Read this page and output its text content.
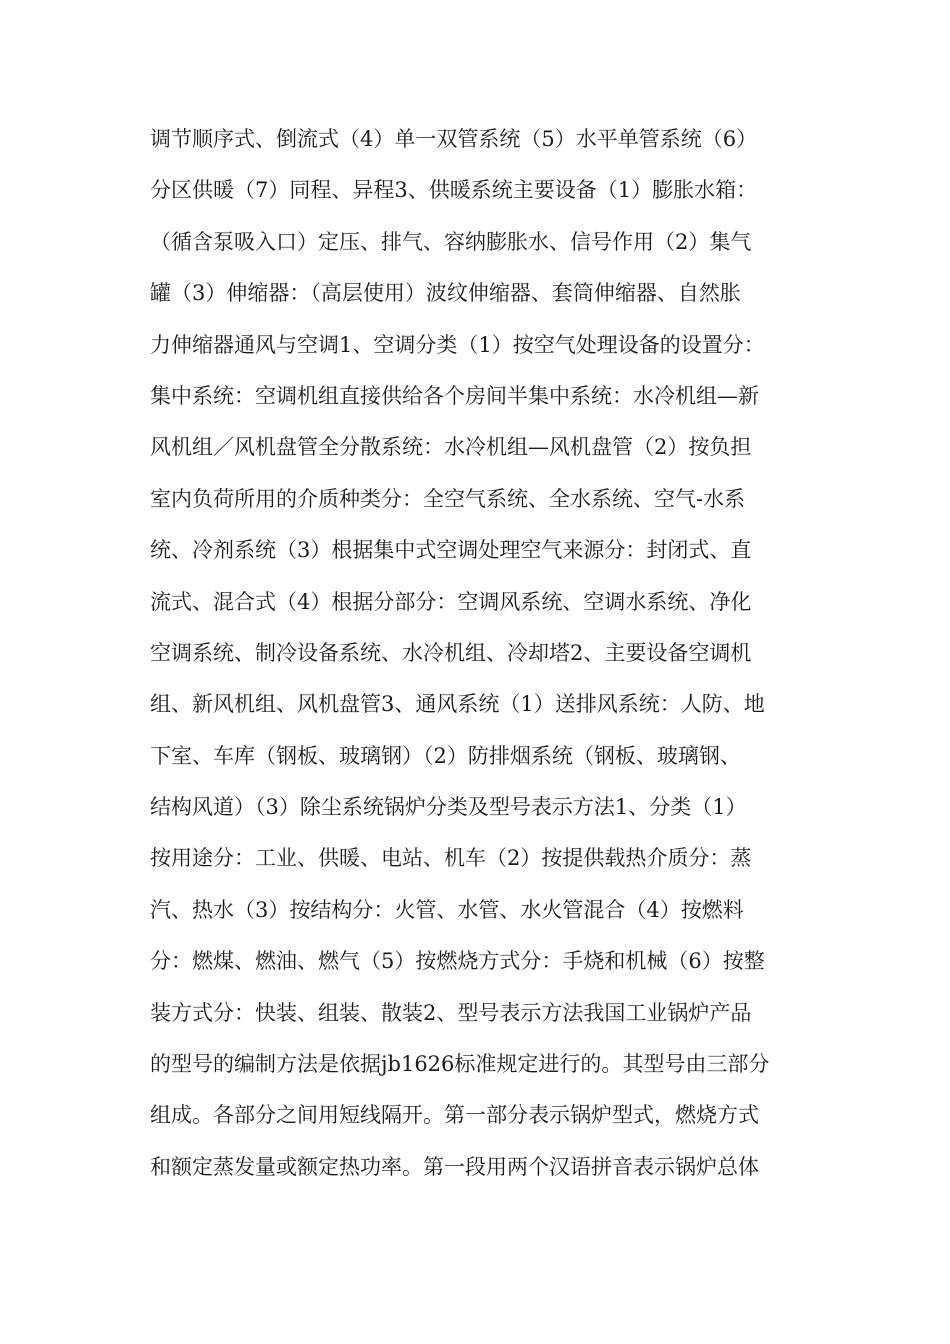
调节顺序式、倒流式（4）单一双管系统（5）水平单管系统（6）
分区供暖（7）同程、异程3、供暖系统主要设备（1）膨胀水箱：
（循含泵吸入口）定压、排气、容纳膨胀水、信号作用（2）集气
罐（3）伸缩器：（高层使用）波纹伸缩器、套筒伸缩器、自然胀
力伸缩器通风与空调1、空调分类（1）按空气处理设备的设置分：
集中系统：空调机组直接供给各个房间半集中系统：水冷机组—新
风机组／风机盘管全分散系统：水冷机组—风机盘管（2）按负担
室内负荷所用的介质种类分：全空气系统、全水系统、空气-水系
统、冷剂系统（3）根据集中式空调处理空气来源分：封闭式、直
流式、混合式（4）根据分部分：空调风系统、空调水系统、净化
空调系统、制冷设备系统、水冷机组、冷却塔2、主要设备空调机
组、新风机组、风机盘管3、通风系统（1）送排风系统：人防、地
下室、车库（钢板、玻璃钢）（2）防排烟系统（钢板、玻璃钢、
结构风道）（3）除尘系统锅炉分类及型号表示方法1、分类（1）
按用途分：工业、供暖、电站、机车（2）按提供载热介质分：蒸
汽、热水（3）按结构分：火管、水管、水火管混合（4）按燃料
分：燃煤、燃油、燃气（5）按燃烧方式分：手烧和机械（6）按整
装方式分：快装、组装、散装2、型号表示方法我国工业锅炉产品
的型号的编制方法是依据jb1626标准规定进行的。其型号由三部分
组成。各部分之间用短线隔开。第一部分表示锅炉型式，燃烧方式
和额定蒸发量或额定热功率。第一段用两个汉语拼音表示锅炉总体
